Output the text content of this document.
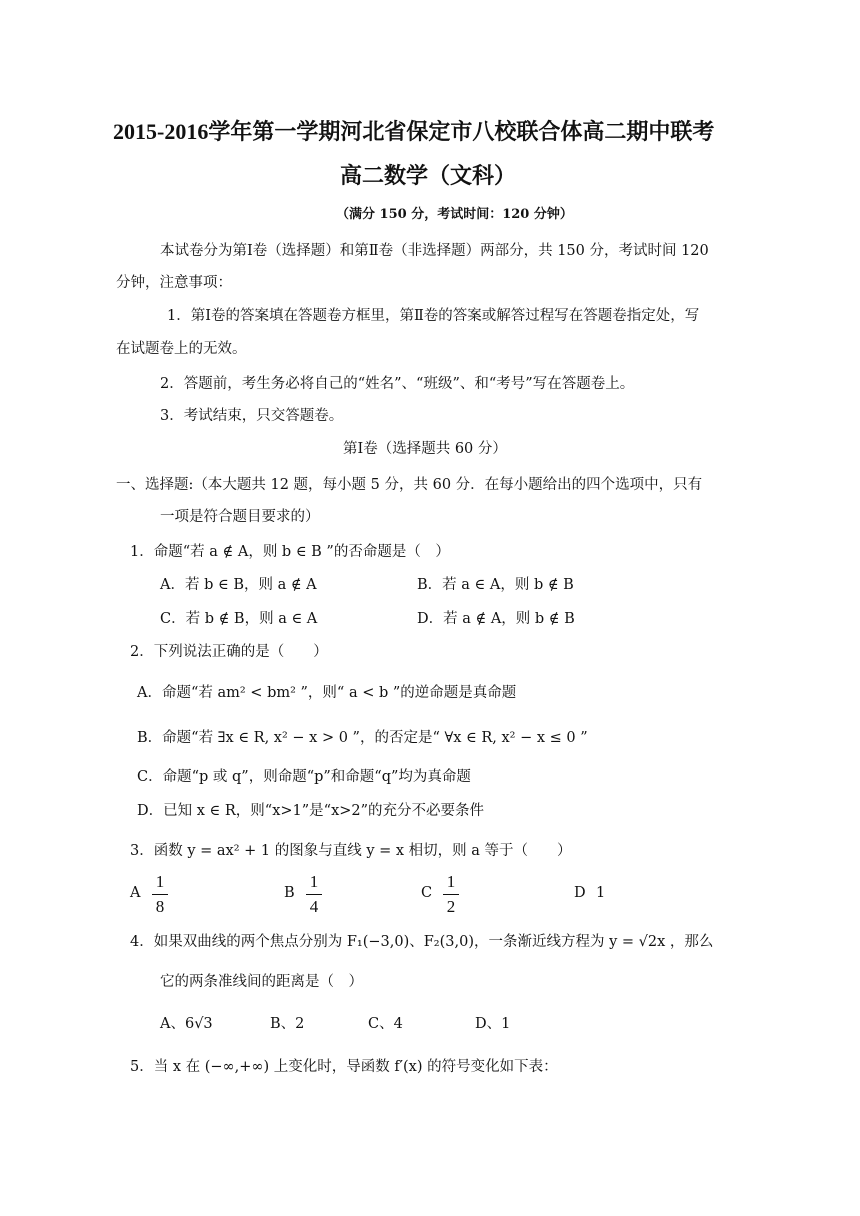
2015-2016学年第一学期河北省保定市八校联合体高二期中联考
高二数学（文科）
（满分 150 分，考试时间：120 分钟）
本试卷分为第Ⅰ卷（选择题）和第Ⅱ卷（非选择题）两部分，共 150 分，考试时间 120
分钟，注意事项：
1．第Ⅰ卷的答案填在答题卷方框里，第Ⅱ卷的答案或解答过程写在答题卷指定处，写
在试题卷上的无效。
2．答题前，考生务必将自己的“姓名”、“班级”、和“考号”写在答题卷上。
3．考试结束，只交答题卷。
第Ⅰ卷（选择题共 60 分）
一、选择题:（本大题共 12 题，每小题 5 分，共 60 分．在每小题给出的四个选项中，只有
一项是符合题目要求的）
1．命题“若 a ∉ A，则 b ∈ B ”的否命题是（　）
A．若 b ∈ B，则 a ∉ A	B．若 a ∈ A，则 b ∉ B
C．若 b ∉ B，则 a ∈ A	D．若 a ∉ A，则 b ∉ B
2．下列说法正确的是（　　）
A．命题“若 am² < bm² ”，则“ a < b ”的逆命题是真命题
B．命题“若 ∃x ∈ R, x² − x > 0 ”，的否定是“ ∀x ∈ R, x² − x ≤ 0 ”
C．命题“p 或 q”，则命题“p”和命题“q”均为真命题
D．已知 x ∈ R，则“x>1”是“x>2”的充分不必要条件
3．函数 y = ax² + 1 的图象与直线 y = x 相切，则 a 等于（　　）
A
1
8
B
1
4
C
1
2
D 1
4．如果双曲线的两个焦点分别为 F₁(−3,0)、F₂(3,0)，一条渐近线方程为 y = √2x ，那么
它的两条准线间的距离是（　）
A、6√3	B、2	C、4	D、1
5．当 x 在 (−∞,+∞) 上变化时，导函数 f′(x) 的符号变化如下表：
